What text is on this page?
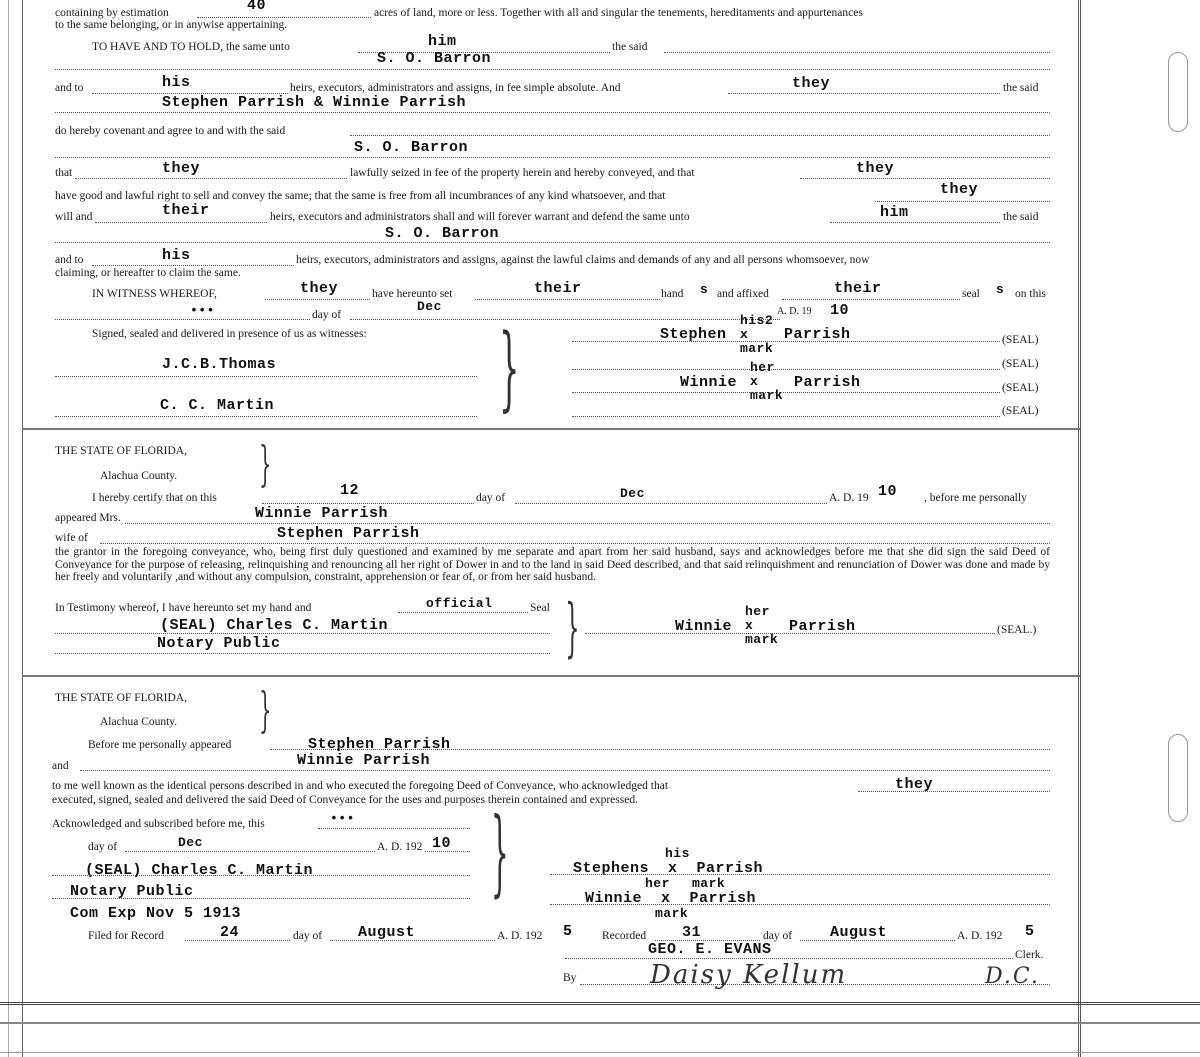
containing by estimation	40	acres of land, more or less. Together with all and singular the tenements, hereditaments and appurtenances
to the same belonging, or in anywise appertaining.
TO HAVE AND TO HOLD, the same unto	him	the said
S. O. Barron
and to	his	heirs, executors, administrators and assigns, in fee simple absolute. And	they	the said
Stephen Parrish & Winnie Parrish
do hereby covenant and agree to and with the said
S. O. Barron
that	they	lawfully seized in fee of the property herein and hereby conveyed, and that	they
have good and lawful right to sell and convey the same; that the same is free from all incumbrances of any kind whatsoever, and that	they
will and	their	heirs, executors and administrators shall and will forever warrant and defend the same unto	him	the said
S. O. Barron
and to	his	heirs, executors, administrators and assigns, against the lawful claims and demands of any and all persons whomsoever, now
claiming, or hereafter to claim the same.
IN WITNESS WHEREOF,	they	have hereunto set	their	hand s and affixed	their	seal s on this
•••	day of
Dec	A. D. 19 10
Signed, sealed and delivered in presence of us as witnesses: }
J.C.B.Thomas
C. C. Martin
Stephen
his2
x
mark
Parrish	(SEAL)
(SEAL)
Winnie
her
x
mark
Parrish	(SEAL)
(SEAL)
THE STATE OF FLORIDA,
Alachua County. }
I hereby certify that on this	12	day of	Dec	A. D. 19 10 , before me personally
appeared Mrs.	Winnie Parrish
wife of	Stephen Parrish
the grantor in the foregoing conveyance, who, being first duly questioned and examined by me separate and apart from her said husband, says and acknowledges before me that she did sign the said Deed of Conveyance for the purpose of releasing, relinquishing and renouncing all her right of Dower in and to the land in said Deed described, and that said relinquishment and renunciation of Dower was done and made by her freely and voluntarily ,and without any compulsion, constraint, apprehension or fear of, or from her said husband.
In Testimony whereof, I have hereunto set my hand and	official	Seal
(SEAL) Charles C. Martin
Notary Public	}	Winnie
her
x
mark
Parrish	(SEAL.)
THE STATE OF FLORIDA,
Alachua County. }
Before me personally appeared	Stephen Parrish
and	Winnie Parrish
to me well known as the identical persons described in and who executed the foregoing Deed of Conveyance, who acknowledged that	they
executed, signed, sealed and delivered the said Deed of Conveyance for the uses and purposes therein contained and expressed.
Acknowledged and subscribed before me, this	•••
day of	Dec	A. D. 192 10 }
(SEAL) Charles C. Martin
Notary Public
Com Exp Nov 5 1913
his
Stephens  x  Parrish
mark
her
Winnie  x  Parrish
mark
Filed for Record	24	day of August	A. D. 192 5	Recorded 31	day of	August	A. D. 192 5
GEO. E. EVANS	Clerk.
By	Daisy Kellum	D.C.
